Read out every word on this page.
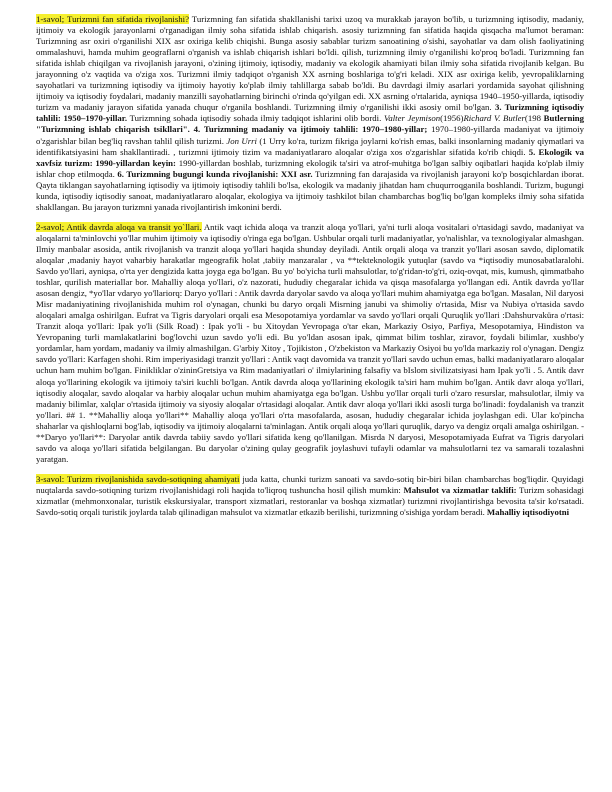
1-savol; Turizmni fan sifatida rivojlanishi? Turizmning fan sifatida shakllanishi tarixi uzoq va murakkab jarayon bo'lib, u turizmning iqtisodiy, madaniy, ijtimoiy va ekologik jarayonlarni o'rganadigan ilmiy soha sifatida ishlab chiqarish. asosiy turizmning fan sifatida haqida qisqacha ma'lumot beraman: Turizmning asr oxiri o'rganilishi XIX asr oxiriga kelib chiqishi. Bunga asosiy sabablar turizm sanoatining o'sishi, sayohatlar va dam olish faoliyatining ommalashuvi, hamda muhim geograflarni o'rganish va ishlab chiqarish ishlari bo'ldi. qilish, turizmning ilmiy o'rganilishi ko'proq bo'ladi. Turizmning fan sifatida ishlab chiqilgan va rivojlanish jarayoni, o'zining ijtimoiy, iqtisodiy, madaniy va ekologik ahamiyati bilan ilmiy soha sifatida rivojlanib kelgan. Bu jarayonning o'z vaqtida va o'ziga xos. Turizmni ilmiy tadqiqot o'rganish XX asrning boshlariga to'g'ri keladi. XIX asr oxiriga kelib, yevropaliklarning sayohatlari va turizmning iqtisodiy va ijtimoiy hayotiy ko'plab ilmiy tahlillarga sabab bo'ldi. Bu davrdagi ilmiy asarlari yordamida sayohat qilishning ijtimoiy va iqtisodiy foydalari, madaniy manzilli sayohatlarning birinchi o'rinda qo'yilgan edi. XX asrning o'rtalarida, ayniqsa 1940–1950-yillarda, iqtisodiy turizm va madaniy jarayon sifatida yanada chuqur o'rganila boshlandi. Turizmning ilmiy o'rganilishi ikki asosiy omil bo'lgan. 3. Turizmning iqtisodiy tahlili: 1950–1970-yillar. Turizmning sohada iqtisodiy sohada ilmiy tadqiqot ishlarini olib bordi. Valter Jeymison(1956)Richard V. Butler(198 Butlerning "Turizmning ishlab chiqarish tsikllari". 4. Turizmning madaniy va ijtimoiy tahlili: 1970–1980-yillar; 1970–1980-yillarda madaniyat va ijtimoiy o'zgarishlar bilan beg'liq ravshan tahlil qilish turizmi. Jon Urri (1 Urry ko'ra, turizm fikriga joylarni ko'rish emas, balki insonlarning madaniy qiymatlari va identifikatsiyasini ham shakllantiradi. , turizmni ijtimoiy tizim va madaniyatlararo aloqalar o'ziga xos o'zgarishlar sifatida ko'rib chiqdi. 5. Ekologik va xavfsiz turizm: 1990-yillardan keyin: 1990-yillardan boshlab, turizmning ekologik ta'siri va atrof-muhitga bo'lgan salbiy oqibatlari haqida ko'plab ilmiy ishlar chop etilmoqda. 6. Turizmning bugungi kunda rivojlanishi: XXI asr. Turizmning fan darajasida va rivojlanish jarayoni ko'p bosqichlardan iborat. Qayta tiklangan sayohatlarning iqtisodiy va ijtimoiy iqtisodiy tahlili bo'lsa, ekologik va madaniy jihatdan ham chuqurroqganila boshlandi. Turizm, bugungi kunda, iqtisodiy iqtisodiy sanoat, madaniyatlararo aloqalar, ekologiya va ijtimoiy tashkilot bilan chambarchas bog'liq bo'lgan kompleks ilmiy soha sifatida shakllangan. Bu jarayon turizmni yanada rivojlantirish imkonini berdi.

2-savol; Antik davrda aloqa va transit yo`llari. Antik vaqt ichida aloqa va tranzit aloqa yo'llari, ya'ni turli aloqa vositalari o'rtasidagi savdo, madaniyat va aloqalarni ta'minlovchi yo'llar muhim ijtimoiy va iqtisodiy o'ringa ega bo'lgan. Ushbular orqali turli madaniyatlar, yo'nalishlar, va texnologiyalar almashgan. Ilmiy manbalar asosida, antik rivojlanish va tranzit aloqa yo'llari haqida shunday deyiladi. Antik orqali aloqa va tranzit yo'llari asosan savdo, diplomatik aloqalar ,madaniy hayot vaharbiy harakatlar mgeografik holat ,tabiiy manzaralar , va **tekteknologik yutuqlar (savdo va *iqtisodiy munosabatlaralohi. Savdo yo'llari, ayniqsa, o'rta yer dengizida katta joyga ega bo'lgan. Bu yo' bo'yicha turli mahsulotlar, to'g'ridan-to'g'ri, oziq-ovqat, mis, kumush, qimmatbaho toshlar, qurilish materiallar bor. Mahalliy aloqa yo'llari, o'z nazorati, hududiy chegaralar ichida va qisqa masofalarga yo'llangan edi. Antik davrda yo'llar asosan dengiz, *yo'llar vdaryo yo'llariorq: Daryo yo'llari : Antik davrda daryolar savdo va aloqa yo'llari muhim ahamiyatga ega bo'lgan. Masalan, Nil daryosi Misr madaniyatining rivojlanishida muhim rol o'ynagan, chunki bu daryo orqali Misrning janubi va shimoliy o'rtasida, Misr va Nubiya o'rtasida savdo aloqalari amalga oshirilgan. Eufrat va Tigris daryolari orqali esa Mesopotamiya yordamlar va savdo yo'llari orqali Quruqlik yo'llari :Dahshurvaküra o'rtasi: Tranzit aloqa yo'llari: Ipak yo'li (Silk Road) : Ipak yo'li - bu Xitoydan Yevropaga o'tar ekan, Markaziy Osiyo, Parfiya, Mesopotamiya, Hindiston va Yevropaning turli mamlakatlarini bog'lovchi uzun savdo yo'li edi. Bu yo'ldan asosan ipak, qimmat bilim toshlar, ziravor, foydali bilimlar, xushbo'y yordamlar, ham yordam, madaniy va ilmiy almashilgan. G'arbiy Xitoy , Tojikiston , O'zbekiston va Markaziy Osiyoi bu yo'lda markaziy rol o'ynagan. Dengiz savdo yo'llari: Karfagen shohi. Rim imperiyasidagi tranzit yo'llari : Antik vaqt davomida va tranzit yo'llari savdo uchun emas, balki madaniyatlararo aloqalar uchun ham muhim bo'lgan. Finikliklar o'zininGretsiya va Rim madaniyatlari o' ilmiylarining falsafiy va bIslom sivilizatsiyasi ham Ipak yo'li . 5. Antik davr aloqa yo'llarining ekologik va ijtimoiy ta'siri kuchli bo'lgan. Antik davrda aloqa yo'llarining ekologik ta'siri ham muhim bo'lgan. Antik davr aloqa yo'llari, iqtisodiy aloqalar, savdo aloqalar va harbiy aloqalar uchun muhim ahamiyatga ega bo'lgan. Ushbu yo'llar orqali turli o'zaro resurslar, mahsulotlar, ilmiy va madaniy bilimlar, xalqlar o'rtasida ijtimoiy va siyosiy aloqalar o'rtasidagi aloqalar. Antik davr aloqa yo'llari ikki asosli turga bo'linadi: foydalanish va tranzit yo'llari. ## 1. **Mahalliy aloqa yo'llari** Mahalliy aloqa yo'llari o'rta masofalarda, asosan, hududiy chegaralar ichida joylashgan edi. Ular ko'pincha shaharlar va qishloqlarni bog'lab, iqtisodiy va ijtimoiy aloqalarni ta'minlagan. Antik orqali aloqa yo'llari quruqlik, daryo va dengiz orqali amalga oshirilgan. - **Daryo yo'llari**: Daryolar antik davrda tabiiy savdo yo'llari sifatida keng qo'llanilgan. Misrda N daryosi, Mesopotamiyada Eufrat va Tigris daryolari savdo va aloqa yo'llari sifatida belgilangan. Bu daryolar o'zining qulay geografik joylashuvi tufayli odamlar va mahsulotlarni tez va samarali tozalashni yaratgan.

3-savol: Turizm rivojlanishida savdo-sotiqning ahamiyati juda katta, chunki turizm sanoati va savdo-sotiq bir-biri bilan chambarchas bog'liqdir. Quyidagi nuqtalarda savdo-sotiqning turizm rivojlanishidagi roli haqida to'liqroq tushuncha hosil qilish mumkin: Mahsulot va xizmatlar taklifi: Turizm sohasidagi xizmatlar (mehmonxonalar, turistik ekskursiyalar, transport xizmatlari, restoranlar va boshqa xizmatlar) turizmni rivojlantirishga bevosita ta'sir ko'rsatadi. Savdo-sotiq orqali turistik joylarda talab qilinadigan mahsulot va xizmatlar etkazib berilishi, turizmning o'sishiga yordam beradi. Mahalliy iqtisodiyotni
